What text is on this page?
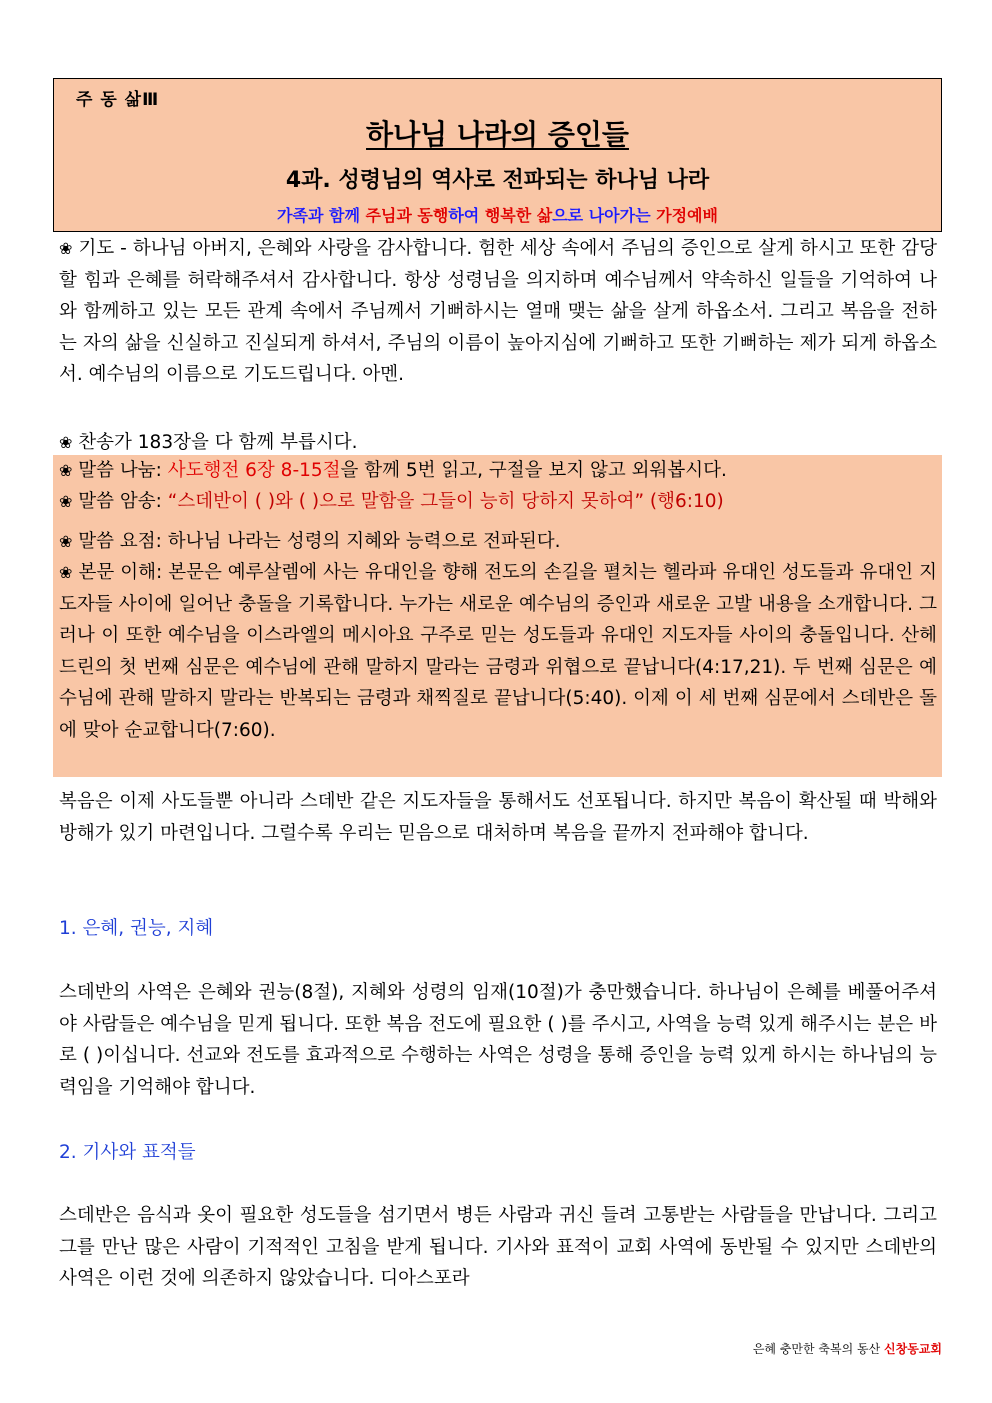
주 동 삶Ⅲ
하나님 나라의 증인들
4과. 성령님의 역사로 전파되는 하나님 나라
가족과 함께 주님과 동행하여 행복한 삶으로 나아가는 가정예배

❀ 기도 - 하나님 아버지, 은혜와 사랑을 감사합니다. 험한 세상 속에서 주님의 증인으로 살게 하시고 또한 감당 할 힘과 은혜를 허락해주셔서 감사합니다. 항상 성령님을 의지하며 예수님께서 약속하신 일들을 기억하여 나와 함께하고 있는 모든 관계 속에서 주님께서 기뻐하시는 열매 맺는 삶을 살게 하옵소서. 그리고 복음을 전하는 자의 삶을 신실하고 진실되게 하셔서, 주님의 이름이 높아지심에 기뻐하고 또한 기뻐하는 제가 되게 하옵소서. 예수님의 이름으로 기도드립니다. 아멘.

❀ 찬송가 183장을 다 함께 부릅시다.

❀ 말씀 나눔: 사도행전 6장 8-15절을 함께 5번 읽고, 구절을 보지 않고 외워봅시다.

❀ 말씀 암송: “스데반이 ( )와 ( )으로 말함을 그들이 능히 당하지 못하여” (행6:10)

❀ 말씀 요점: 하나님 나라는 성령의 지혜와 능력으로 전파된다.

❀ 본문 이해: 본문은 예루살렘에 사는 유대인을 향해 전도의 손길을 펼치는 헬라파 유대인 성도들과 유대인 지도자들 사이에 일어난 충돌을 기록합니다. 누가는 새로운 예수님의 증인과 새로운 고발 내용을 소개합니다. 그러나 이 또한 예수님을 이스라엘의 메시아요 구주로 믿는 성도들과 유대인 지도자들 사이의 충돌입니다. 산헤드린의 첫 번째 심문은 예수님에 관해 말하지 말라는 금령과 위협으로 끝납니다(4:17,21). 두 번째 심문은 예수님에 관해 말하지 말라는 반복되는 금령과 채찍질로 끝납니다(5:40). 이제 이 세 번째 심문에서 스데반은 돌에 맞아 순교합니다(7:60).

복음은 이제 사도들뿐 아니라 스데반 같은 지도자들을 통해서도 선포됩니다. 하지만 복음이 확산될 때 박해와 방해가 있기 마련입니다. 그럴수록 우리는 믿음으로 대처하며 복음을 끝까지 전파해야 합니다.

1. 은혜, 권능, 지혜

스데반의 사역은 은혜와 권능(8절), 지혜와 성령의 임재(10절)가 충만했습니다. 하나님이 은혜를 베풀어주셔야 사람들은 예수님을 믿게 됩니다. 또한 복음 전도에 필요한 ( )를 주시고, 사역을 능력 있게 해주시는 분은 바로 ( )이십니다. 선교와 전도를 효과적으로 수행하는 사역은 성령을 통해 증인을 능력 있게 하시는 하나님의 능력임을 기억해야 합니다.

2. 기사와 표적들

스데반은 음식과 옷이 필요한 성도들을 섬기면서 병든 사람과 귀신 들려 고통받는 사람들을 만납니다. 그리고 그를 만난 많은 사람이 기적적인 고침을 받게 됩니다. 기사와 표적이 교회 사역에 동반될 수 있지만 스데반의 사역은 이런 것에 의존하지 않았습니다. 디아스포라

은혜 충만한 축복의 동산 신창동교회
